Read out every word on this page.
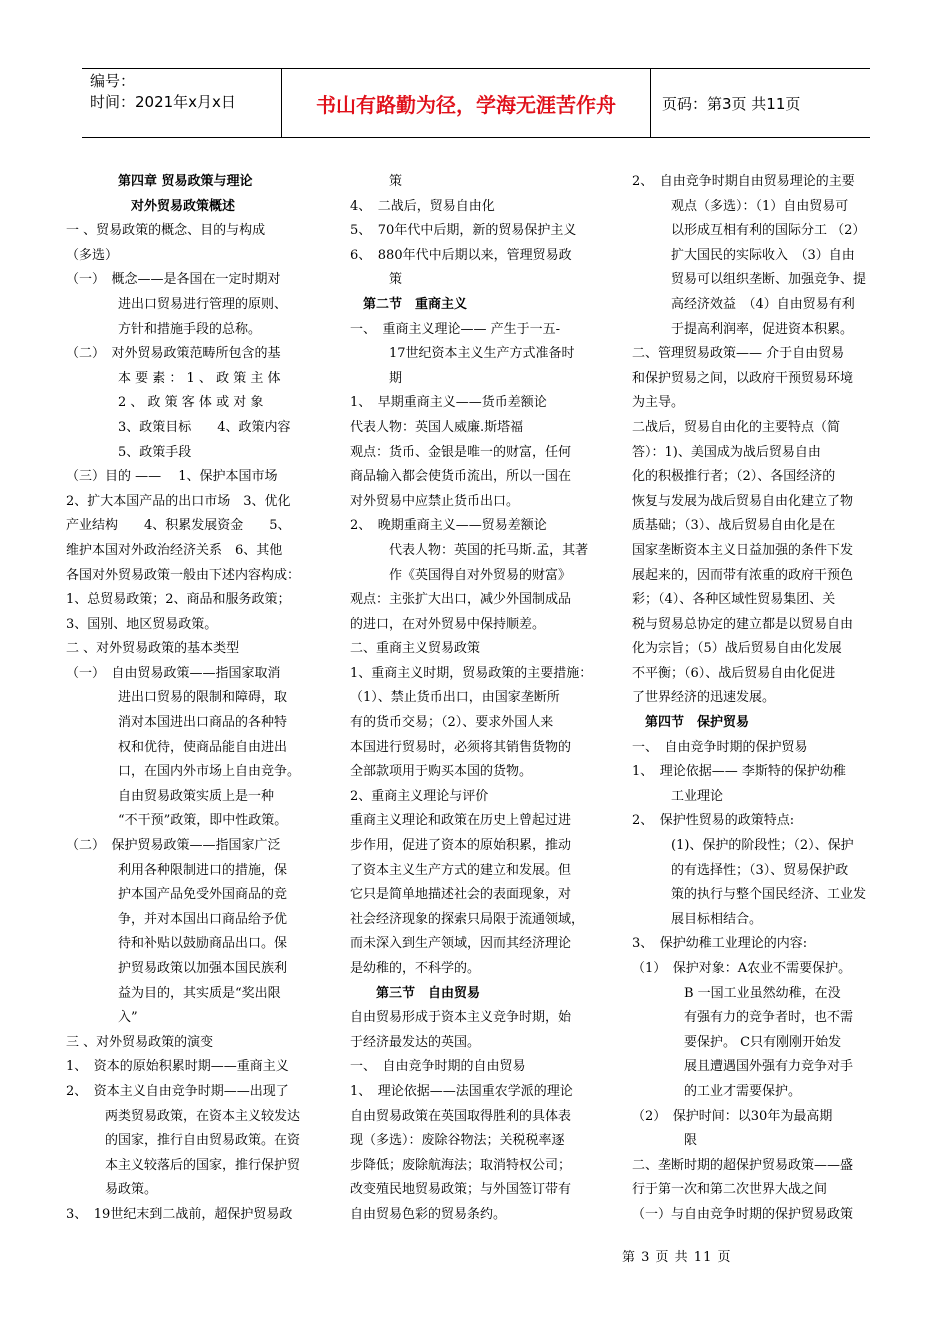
编号：
时间：2021年x月x日	书山有路勤为径，学海无涯苦作舟	页码：第3页 共11页
　　　　第四章 贸易政策与理论
　　　　　对外贸易政策概述
一 、贸易政策的概念、目的与构成
（多选）
（一）　概念——是各国在一定时期对
　　　　进出口贸易进行管理的原则、
　　　　方针和措施手段的总称。
（二）　对外贸易政策范畴所包含的基
　　　　本 要 素 ： 1 、 政 策 主 体
　　　　2 、 政 策 客 体 或 对 象
　　　　3、政策目标　　4、政策内容
　　　　5、政策手段
（三）目的 —— 　1、保护本国市场
2、扩大本国产品的出口市场　3、优化
产业结构　　4、积累发展资金　　5、
维护本国对外政治经济关系　6、其他
各国对外贸易政策一般由下述内容构成：
1、总贸易政策；2、商品和服务政策；
3、国别、地区贸易政策。
二 、对外贸易政策的基本类型
（一）　自由贸易政策——指国家取消
　　　　进出口贸易的限制和障碍，取
　　　　消对本国进出口商品的各种特
　　　　权和优待，使商品能自由进出
　　　　口，在国内外市场上自由竞争。
　　　　自由贸易政策实质上是一种
　　　　“不干预”政策，即中性政策。
（二）　保护贸易政策——指国家广泛
　　　　利用各种限制进口的措施，保
　　　　护本国产品免受外国商品的竞
　　　　争，并对本国出口商品给予优
　　　　待和补贴以鼓励商品出口。保
　　　　护贸易政策以加强本国民族利
　　　　益为目的，其实质是“奖出限
　　　　入”
三 、对外贸易政策的演变
1、　资本的原始积累时期——重商主义
2、　资本主义自由竞争时期——出现了
　　　两类贸易政策，在资本主义较发达
　　　的国家，推行自由贸易政策。在资
　　　本主义较落后的国家，推行保护贸
　　　易政策。
3、　19世纪末到二战前，超保护贸易政
　　　策
4、　二战后，贸易自由化
5、　70年代中后期，新的贸易保护主义
6、　880年代中后期以来，管理贸易政
　　　策
　第二节　重商主义
一、　重商主义理论—— 产生于一五-
　　　17世纪资本主义生产方式准备时
　　　期
1、　早期重商主义——货币差额论
代表人物：英国人威廉.斯塔福
观点：货币、金银是唯一的财富，任何
商品输入都会使货币流出，所以一国在
对外贸易中应禁止货币出口。
2、　晚期重商主义——贸易差额论
　　　代表人物：英国的托马斯.孟，其著
　　　作《英国得自对外贸易的财富》
观点：主张扩大出口，减少外国制成品
的进口，在对外贸易中保持顺差。
二、重商主义贸易政策
1、重商主义时期，贸易政策的主要措施：
（1）、禁止货币出口，由国家垄断所
有的货币交易；（2）、要求外国人来
本国进行贸易时，必须将其销售货物的
全部款项用于购买本国的货物。
2、重商主义理论与评价
重商主义理论和政策在历史上曾起过进
步作用，促进了资本的原始积累，推动
了资本主义生产方式的建立和发展。但
它只是简单地描述社会的表面现象，对
社会经济现象的探索只局限于流通领域，
而未深入到生产领域，因而其经济理论
是幼稚的，不科学的。
　　第三节　自由贸易
自由贸易形成于资本主义竞争时期，始
于经济最发达的英国。
一、　自由竞争时期的自由贸易
1、　理论依据——法国重农学派的理论
自由贸易政策在英国取得胜利的具体表
现（多选）：废除谷物法；关税税率逐
步降低；废除航海法；取消特权公司；
改变殖民地贸易政策；与外国签订带有
自由贸易色彩的贸易条约。
2、　自由竞争时期自由贸易理论的主要
　　　观点（多选）：（1）自由贸易可
　　　以形成互相有利的国际分工 （2）
　　　扩大国民的实际收入　（3）自由
　　　贸易可以组织垄断、加强竞争、提
　　　高经济效益　（4）自由贸易有利
　　　于提高利润率，促进资本积累。
二、管理贸易政策—— 介于自由贸易
和保护贸易之间，以政府干预贸易环境
为主导。
二战后，贸易自由化的主要特点（简
答）：1)、美国成为战后贸易自由
化的积极推行者；（2）、各国经济的
恢复与发展为战后贸易自由化建立了物
质基础；（3）、战后贸易自由化是在
国家垄断资本主义日益加强的条件下发
展起来的，因而带有浓重的政府干预色
彩；（4）、各种区域性贸易集团、关
税与贸易总协定的建立都是以贸易自由
化为宗旨；（5）战后贸易自由化发展
不平衡；（6）、战后贸易自由化促进
了世界经济的迅速发展。
　第四节　保护贸易
一、　自由竞争时期的保护贸易
1、　理论依据—— 李斯特的保护幼稚
　　　工业理论
2、　保护性贸易的政策特点:
　　　(1)、保护的阶段性；（2）、保护
　　　的有选择性；（3）、贸易保护政
　　　策的执行与整个国民经济、工业发
　　　展目标相结合。
3、　保护幼稚工业理论的内容:
（1）　保护对象：A农业不需要保护。
　　　　B 一国工业虽然幼稚，在没
　　　　有强有力的竞争者时，也不需
　　　　要保护。 C只有刚刚开始发
　　　　展且遭遇国外强有力竞争对手
　　　　的工业才需要保护。
（2）　保护时间：以30年为最高期
　　　　限
二、垄断时期的超保护贸易政策——盛
行于第一次和第二次世界大战之间
（一）与自由竞争时期的保护贸易政策
第 3 页 共 11 页
